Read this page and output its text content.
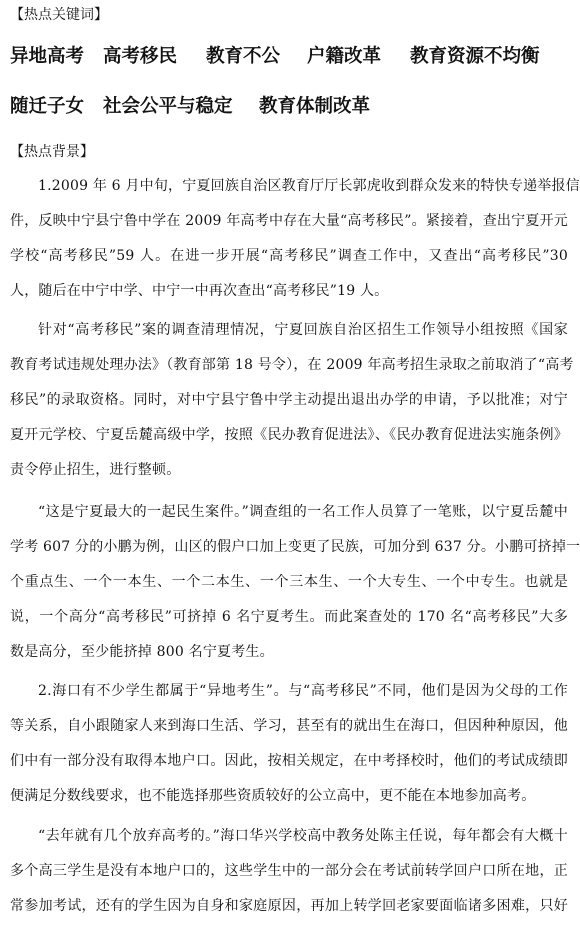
【热点关键词】
异地高考 高考移民 教育不公 户籍改革 教育资源不均衡
随迁子女 社会公平与稳定 教育体制改革
【热点背景】
1.2009 年 6 月中旬，宁夏回族自治区教育厅厅长郭虎收到群众发来的特快专递举报信
件，反映中宁县宁鲁中学在 2009 年高考中存在大量“高考移民”。紧接着，查出宁夏开元
学校“高考移民”59 人。在进一步开展“高考移民”调查工作中，又查出“高考移民”30
人，随后在中宁中学、中宁一中再次查出“高考移民”19 人。
针对“高考移民”案的调查清理情况，宁夏回族自治区招生工作领导小组按照《国家
教育考试违规处理办法》（教育部第 18 号令），在 2009 年高考招生录取之前取消了“高考
移民”的录取资格。同时，对中宁县宁鲁中学主动提出退出办学的申请，予以批准；对宁
夏开元学校、宁夏岳麓高级中学，按照《民办教育促进法》、《民办教育促进法实施条例》
责令停止招生，进行整顿。
“这是宁夏最大的一起民生案件。”调查组的一名工作人员算了一笔账，以宁夏岳麓中
学考 607 分的小鹏为例，山区的假户口加上变更了民族，可加分到 637 分。小鹏可挤掉一
个重点生、一个一本生、一个二本生、一个三本生、一个大专生、一个中专生。也就是
说，一个高分“高考移民”可挤掉 6 名宁夏考生。而此案查处的 170 名“高考移民”大多
数是高分，至少能挤掉 800 名宁夏考生。
2.海口有不少学生都属于“异地考生”。与“高考移民”不同，他们是因为父母的工作
等关系，自小跟随家人来到海口生活、学习，甚至有的就出生在海口，但因种种原因，他
们中有一部分没有取得本地户口。因此，按相关规定，在中考择校时，他们的考试成绩即
便满足分数线要求，也不能选择那些资质较好的公立高中，更不能在本地参加高考。
“去年就有几个放弃高考的。”海口华兴学校高中教务处陈主任说，每年都会有大概十
多个高三学生是没有本地户口的，这些学生中的一部分会在考试前转学回户口所在地，正
常参加考试，还有的学生因为自身和家庭原因，再加上转学回老家要面临诸多困难，只好
